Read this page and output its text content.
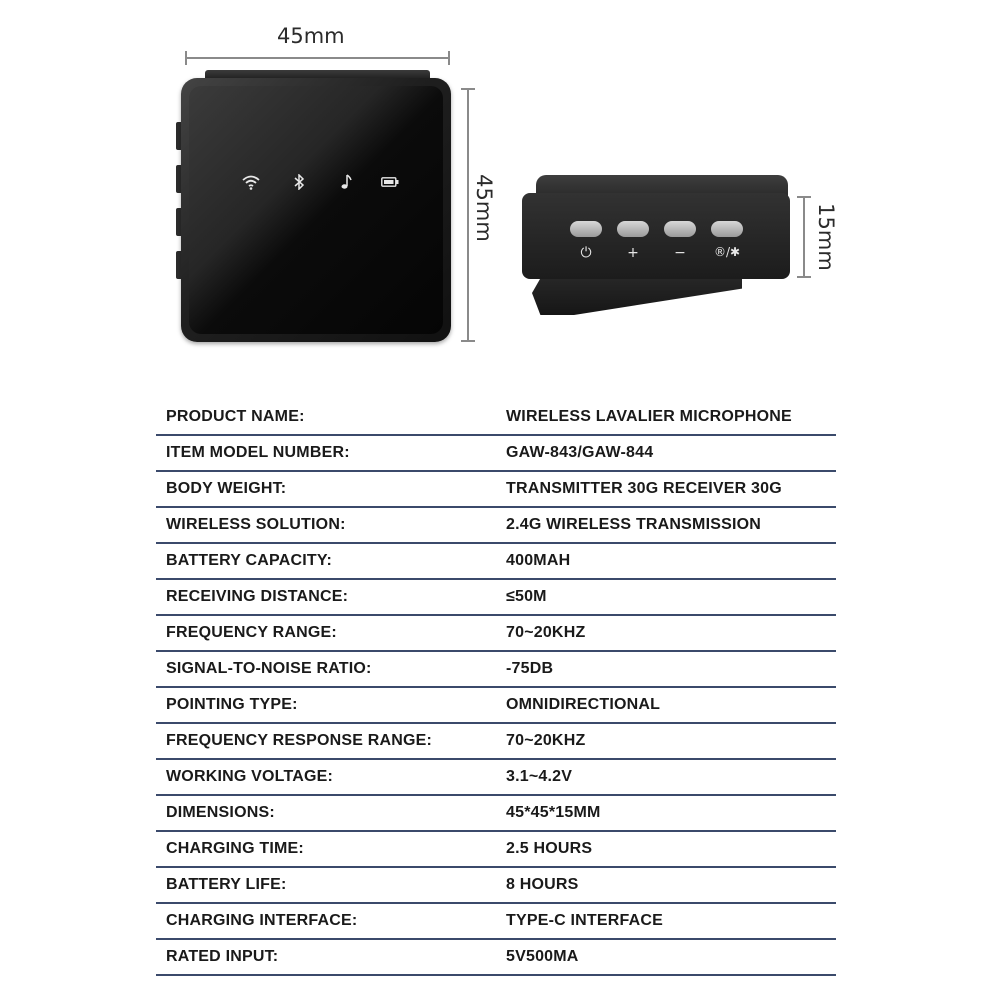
45mm
45mm	15mm
⏻	+	−	®/✱
PRODUCT NAME:	WIRELESS LAVALIER MICROPHONE
ITEM MODEL NUMBER:	GAW-843/GAW-844
BODY WEIGHT:	TRANSMITTER 30G RECEIVER 30G
WIRELESS SOLUTION:	2.4G WIRELESS TRANSMISSION
BATTERY CAPACITY:	400MAH
RECEIVING DISTANCE:	≤50M
FREQUENCY RANGE:	70~20KHZ
SIGNAL-TO-NOISE RATIO:	-75DB
POINTING TYPE:	OMNIDIRECTIONAL
FREQUENCY RESPONSE RANGE:	70~20KHZ
WORKING VOLTAGE:	3.1~4.2V
DIMENSIONS:	45*45*15MM
CHARGING TIME:	2.5 HOURS
BATTERY LIFE:	8 HOURS
CHARGING INTERFACE:	TYPE-C INTERFACE
RATED INPUT:	5V500MA
